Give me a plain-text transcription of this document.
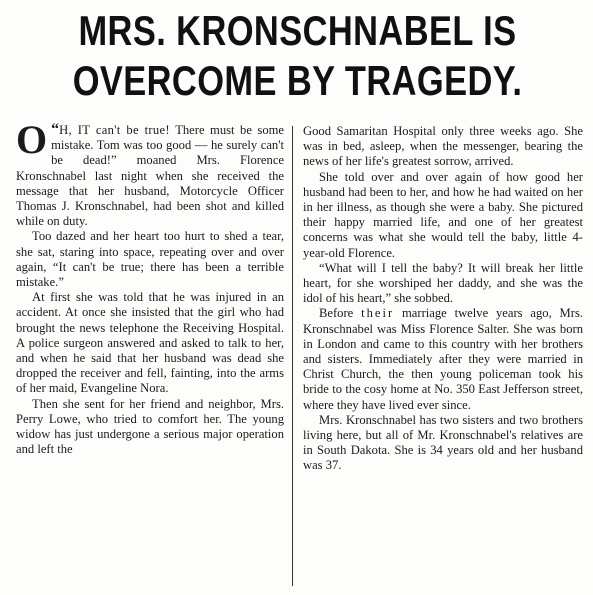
MRS. KRONSCHNABEL IS
OVERCOME BY TRAGEDY.

“
O H, IT can't be true! There must be some mistake. Tom was too good — he surely can't be dead!” moaned Mrs. Florence Kronschnabel last night when she received the message that her husband, Motorcycle Officer Thomas J. Kronschnabel, had been shot and killed while on duty.

Too dazed and her heart too hurt to shed a tear, she sat, staring into space, repeating over and over again, “It can't be true; there has been a terrible mistake.”

At first she was told that he was injured in an accident. At once she insisted that the girl who had brought the news telephone the Receiving Hospital. A police surgeon answered and asked to talk to her, and when he said that her husband was dead she dropped the receiver and fell, fainting, into the arms of her maid, Evangeline Nora.

Then she sent for her friend and neighbor, Mrs. Perry Lowe, who tried to comfort her. The young widow has just undergone a serious major operation and left the

Good Samaritan Hospital only three weeks ago. She was in bed, asleep, when the messenger, bearing the news of her life's greatest sorrow, arrived.

She told over and over again of how good her husband had been to her, and how he had waited on her in her illness, as though she were a baby. She pictured their happy married life, and one of her greatest concerns was what she would tell the baby, little 4-year-old Florence.

“What will I tell the baby? It will break her little heart, for she worshiped her daddy, and she was the idol of his heart,” she sobbed.

Before their marriage twelve years ago, Mrs. Kronschnabel was Miss Florence Salter. She was born in London and came to this country with her brothers and sisters. Immediately after they were married in Christ Church, the then young policeman took his bride to the cosy home at No. 350 East Jefferson street, where they have lived ever since.

Mrs. Kronschnabel has two sisters and two brothers living here, but all of Mr. Kronschnabel's relatives are in South Dakota. She is 34 years old and her husband was 37.
